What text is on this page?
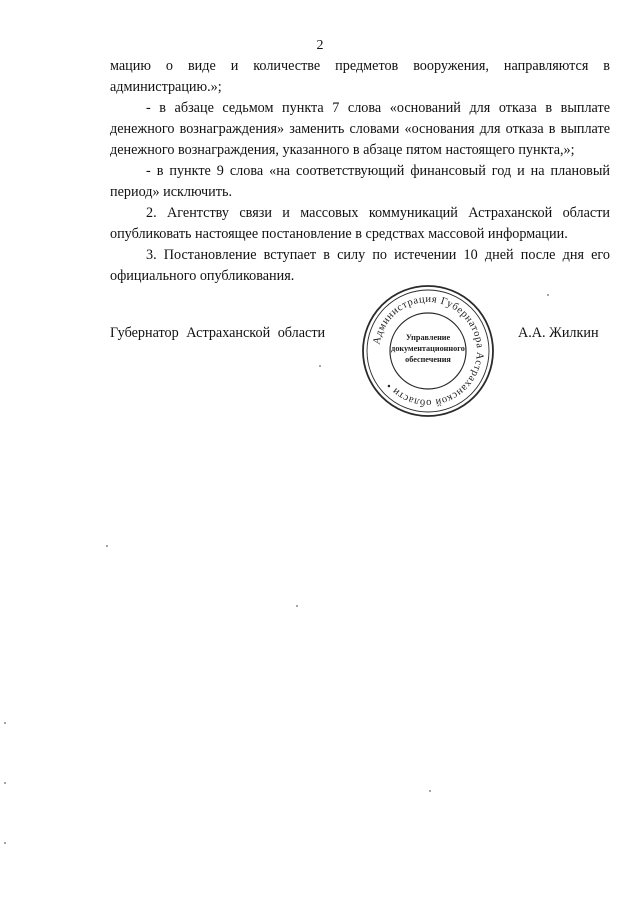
2

мацию о виде и количестве предметов вооружения, направляются в администрацию.»;

- в абзаце седьмом пункта 7 слова «оснований для отказа в выплате денежного вознаграждения» заменить словами «основания для отказа в выплате денежного вознаграждения, указанного в абзаце пятом настоящего пункта,»;

- в пункте 9 слова «на соответствующий финансовый год и на плановый период» исключить.

2. Агентству связи и массовых коммуникаций Астраханской области опубликовать настоящее постановление в средствах массовой информации.

3. Постановление вступает в силу по истечении 10 дней после дня его официального опубликования.

Губернатор Астраханской области	А.А. Жилкин
Администрация Губернатора Астраханской области •
Управление
документационного
обеспечения
